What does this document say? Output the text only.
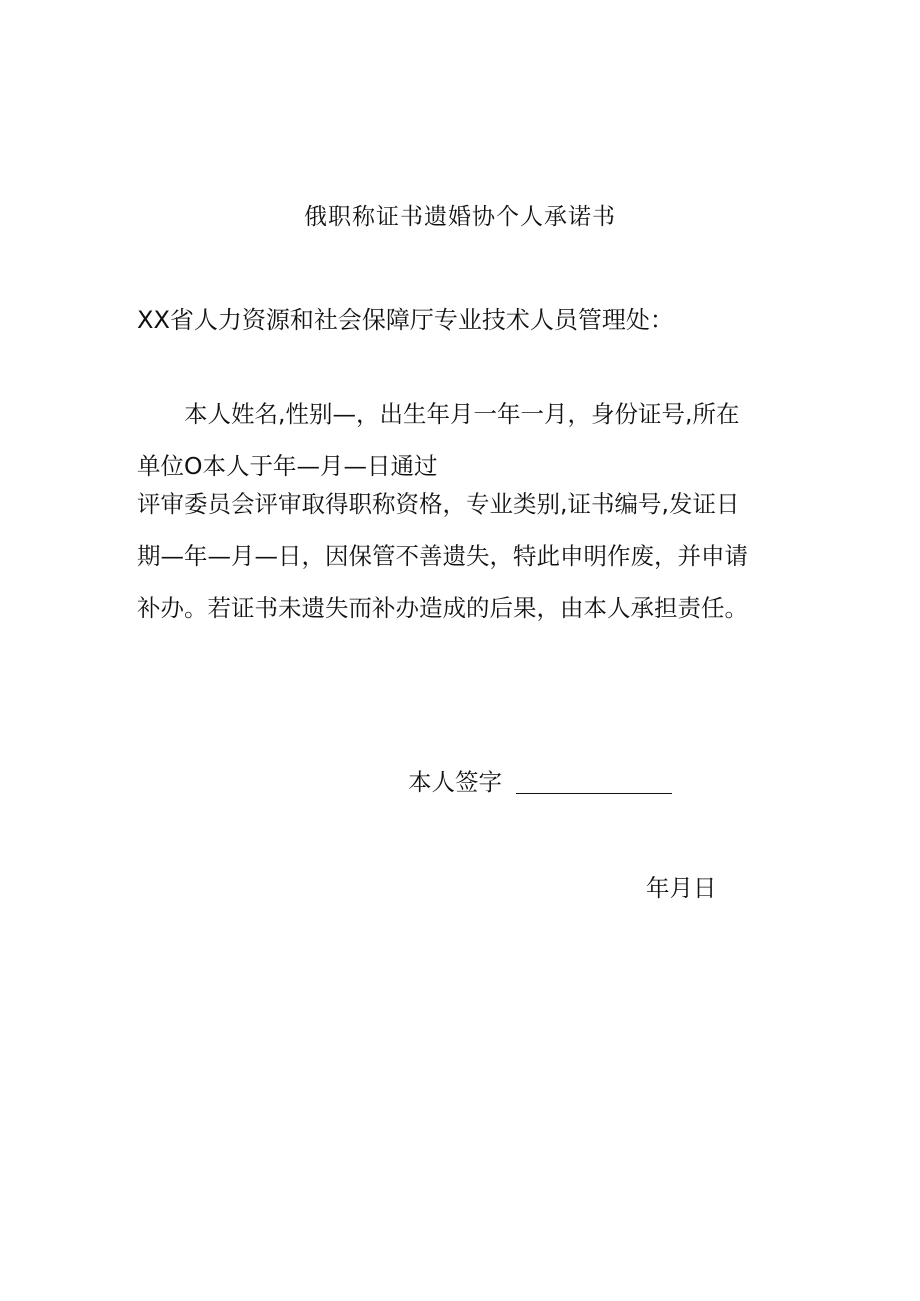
俄职称证书遗婚协个人承诺书
XX省人力资源和社会保障厅专业技术人员管理处：
本人姓名,性别—，出生年月一年一月，身份证号,所在
单位O本人于年—月—日通过
评审委员会评审取得职称资格，专业类别,证书编号,发证日
期—年—月—日，因保管不善遗失，特此申明作废，并申请
补办。若证书未遗失而补办造成的后果，由本人承担责任。
本人签字
年月日
